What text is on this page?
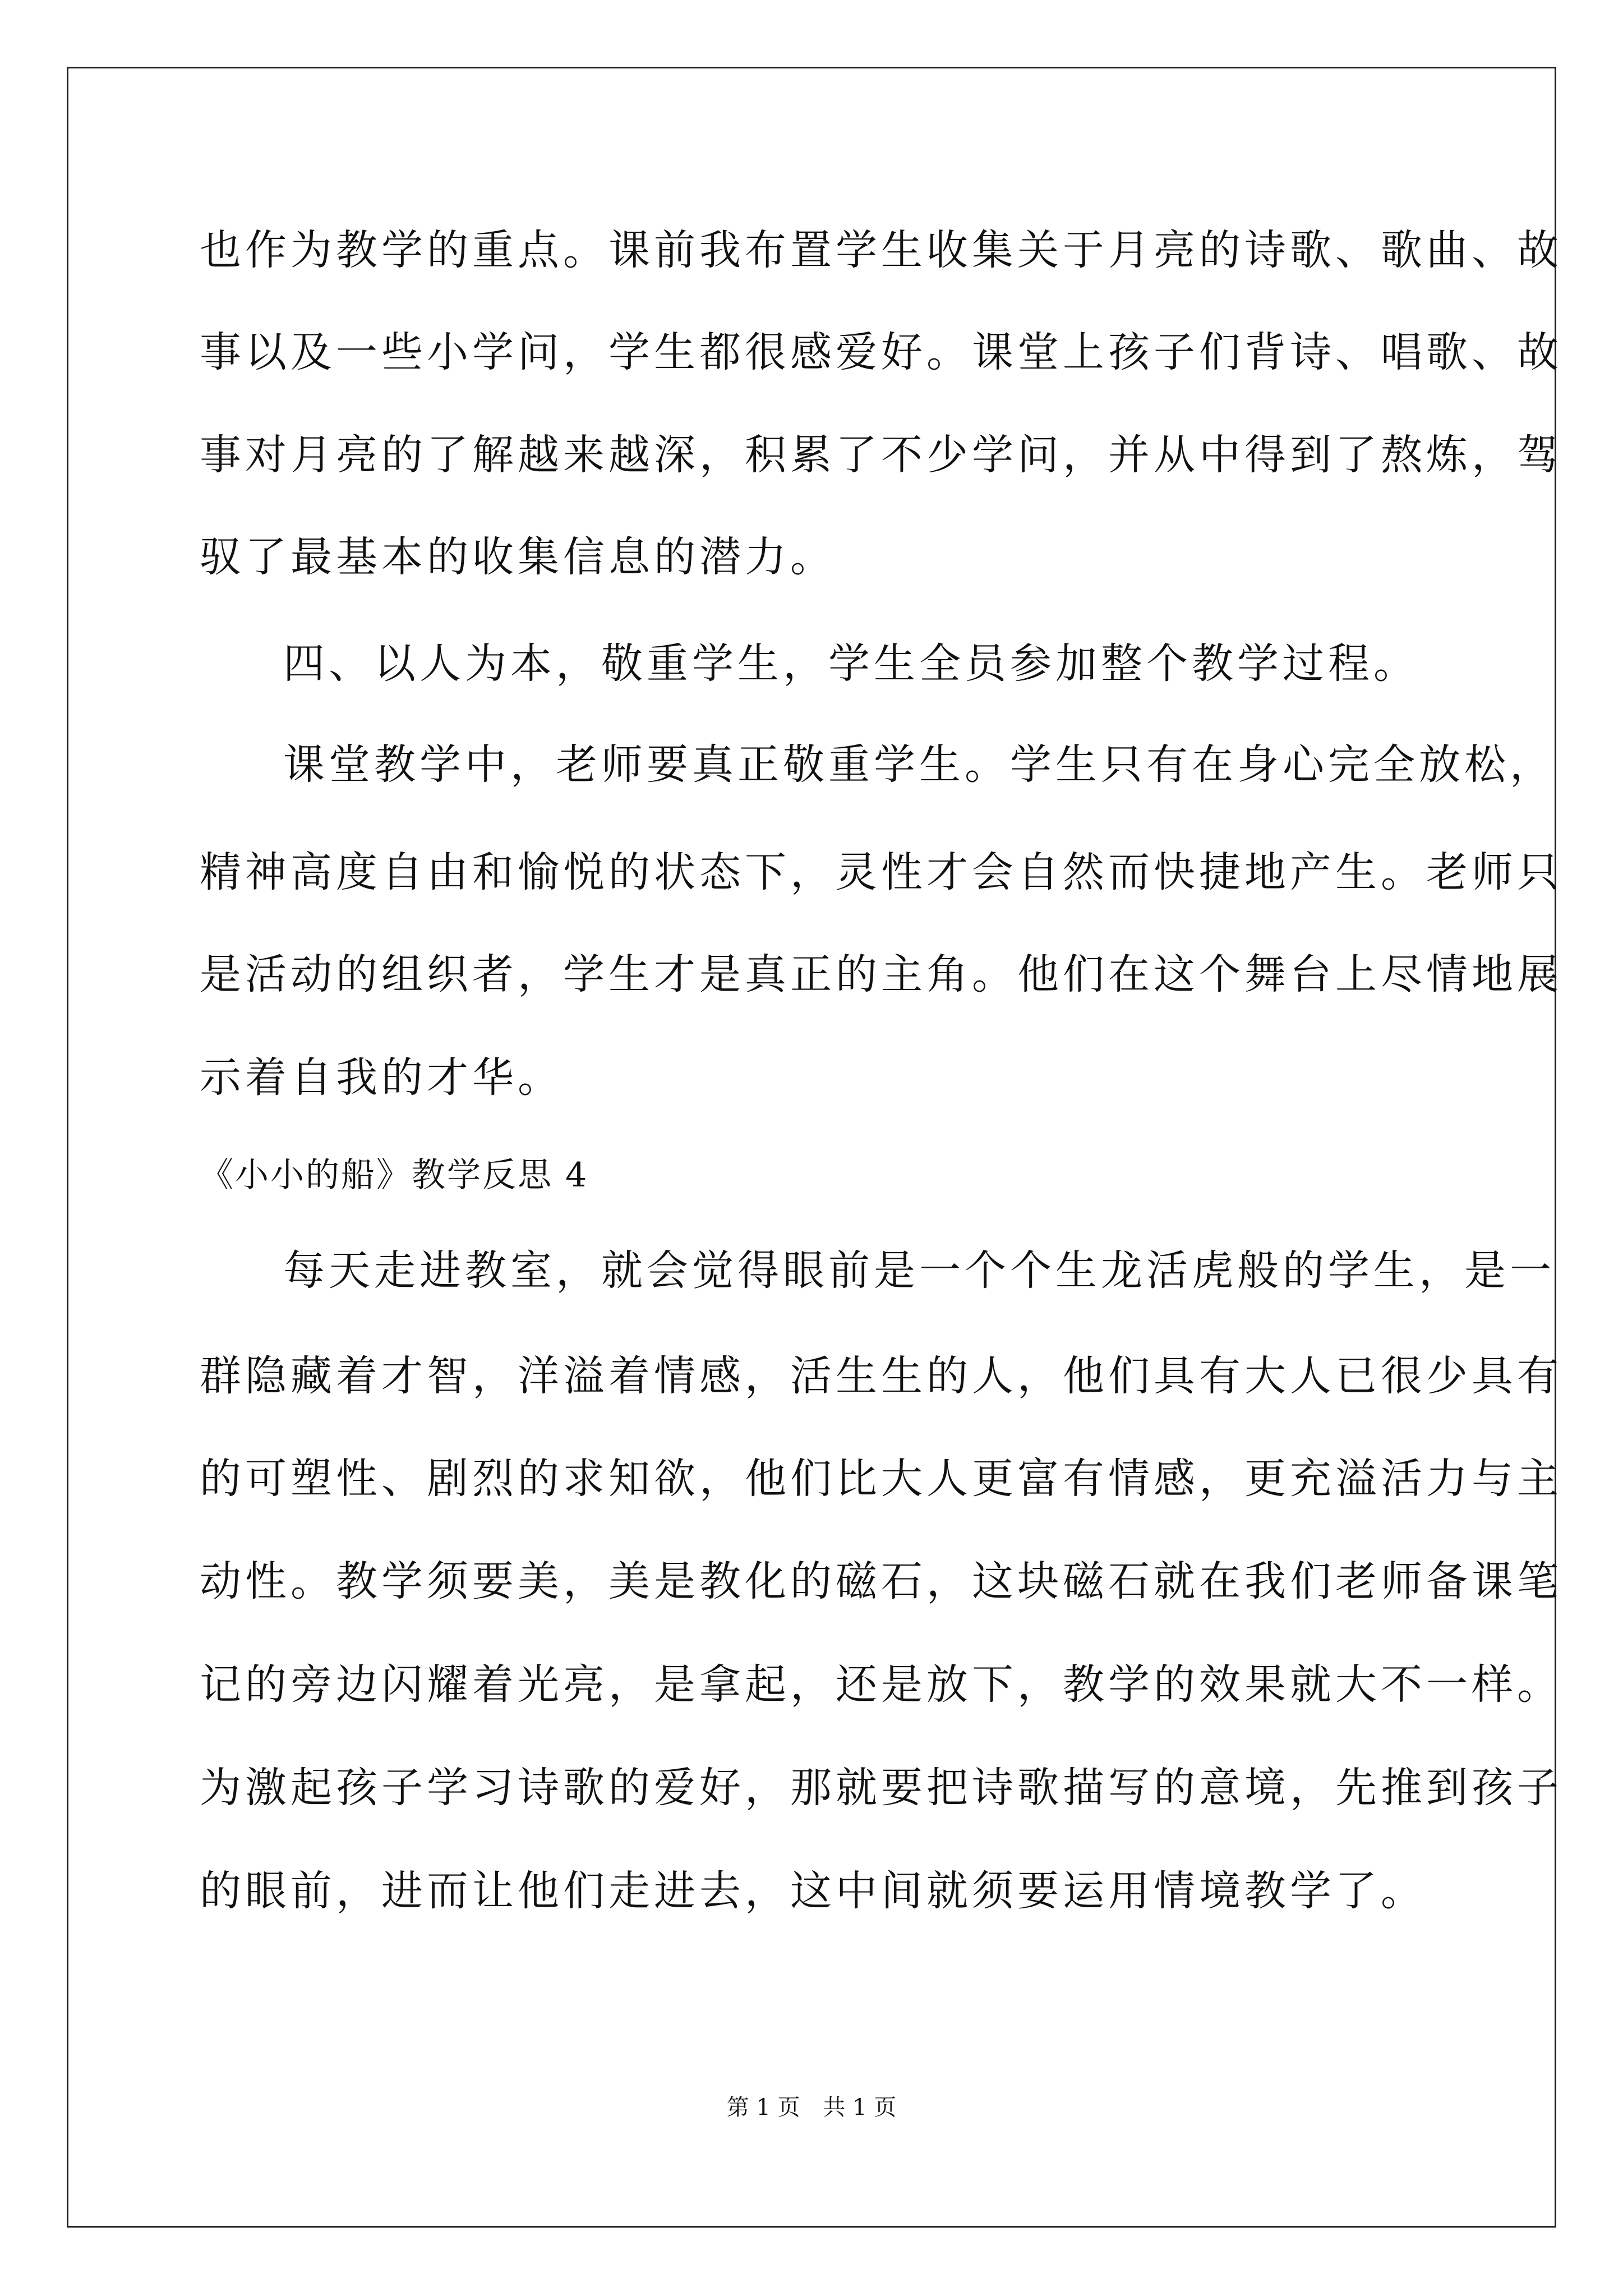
也作为教学的重点。课前我布置学生收集关于月亮的诗歌、歌曲、故
事以及一些小学问，学生都很感爱好。课堂上孩子们背诗、唱歌、故
事对月亮的了解越来越深，积累了不少学问，并从中得到了熬炼，驾
驭了最基本的收集信息的潜力。
四、以人为本，敬重学生，学生全员参加整个教学过程。
课堂教学中，老师要真正敬重学生。学生只有在身心完全放松，
精神高度自由和愉悦的状态下，灵性才会自然而快捷地产生。老师只
是活动的组织者，学生才是真正的主角。他们在这个舞台上尽情地展
示着自我的才华。
《小小的船》教学反思 4
每天走进教室，就会觉得眼前是一个个生龙活虎般的学生，是一
群隐藏着才智，洋溢着情感，活生生的人，他们具有大人已很少具有
的可塑性、剧烈的求知欲，他们比大人更富有情感，更充溢活力与主
动性。教学须要美，美是教化的磁石，这块磁石就在我们老师备课笔
记的旁边闪耀着光亮，是拿起，还是放下，教学的效果就大不一样。
为激起孩子学习诗歌的爱好，那就要把诗歌描写的意境，先推到孩子
的眼前，进而让他们走进去，这中间就须要运用情境教学了。
第 1 页 共 1 页
